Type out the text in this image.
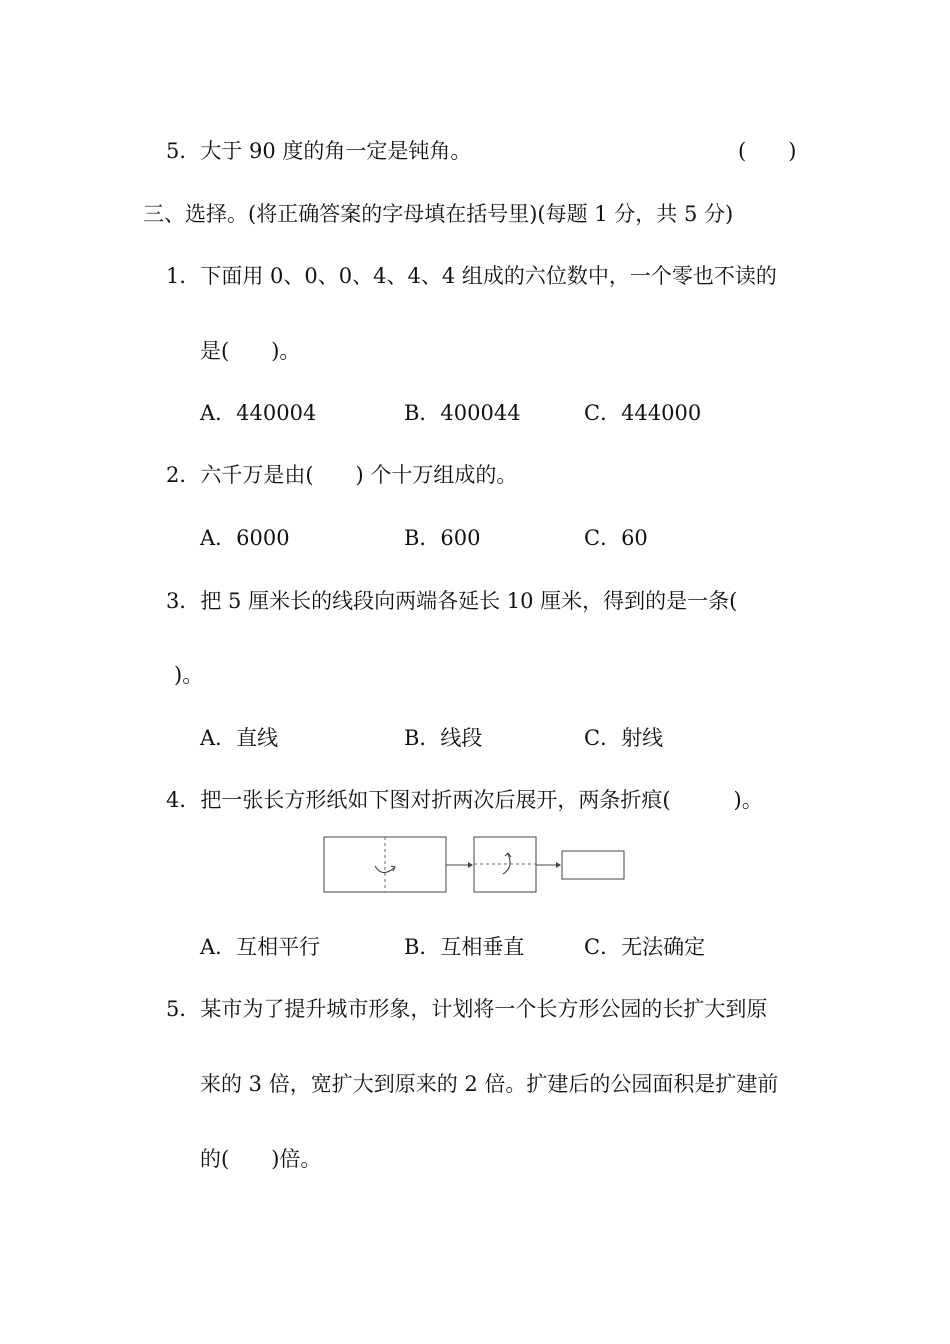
5．大于 90 度的角一定是钝角。	(　　)
三、选择。(将正确答案的字母填在括号里)(每题 1 分，共 5 分)
1．下面用 0、0、0、4、4、4 组成的六位数中，一个零也不读的
是(　　)。
A．440004	B．400044	C．444000
2．六千万是由(　　) 个十万组成的。
A．6000	B．600	C．60
3．把 5 厘米长的线段向两端各延长 10 厘米，得到的是一条(
)。
A．直线	B．线段	C．射线
4．把一张长方形纸如下图对折两次后展开，两条折痕(　　　)。
A．互相平行	B．互相垂直	C．无法确定
5．某市为了提升城市形象，计划将一个长方形公园的长扩大到原
来的 3 倍，宽扩大到原来的 2 倍。扩建后的公园面积是扩建前
的(　　)倍。
